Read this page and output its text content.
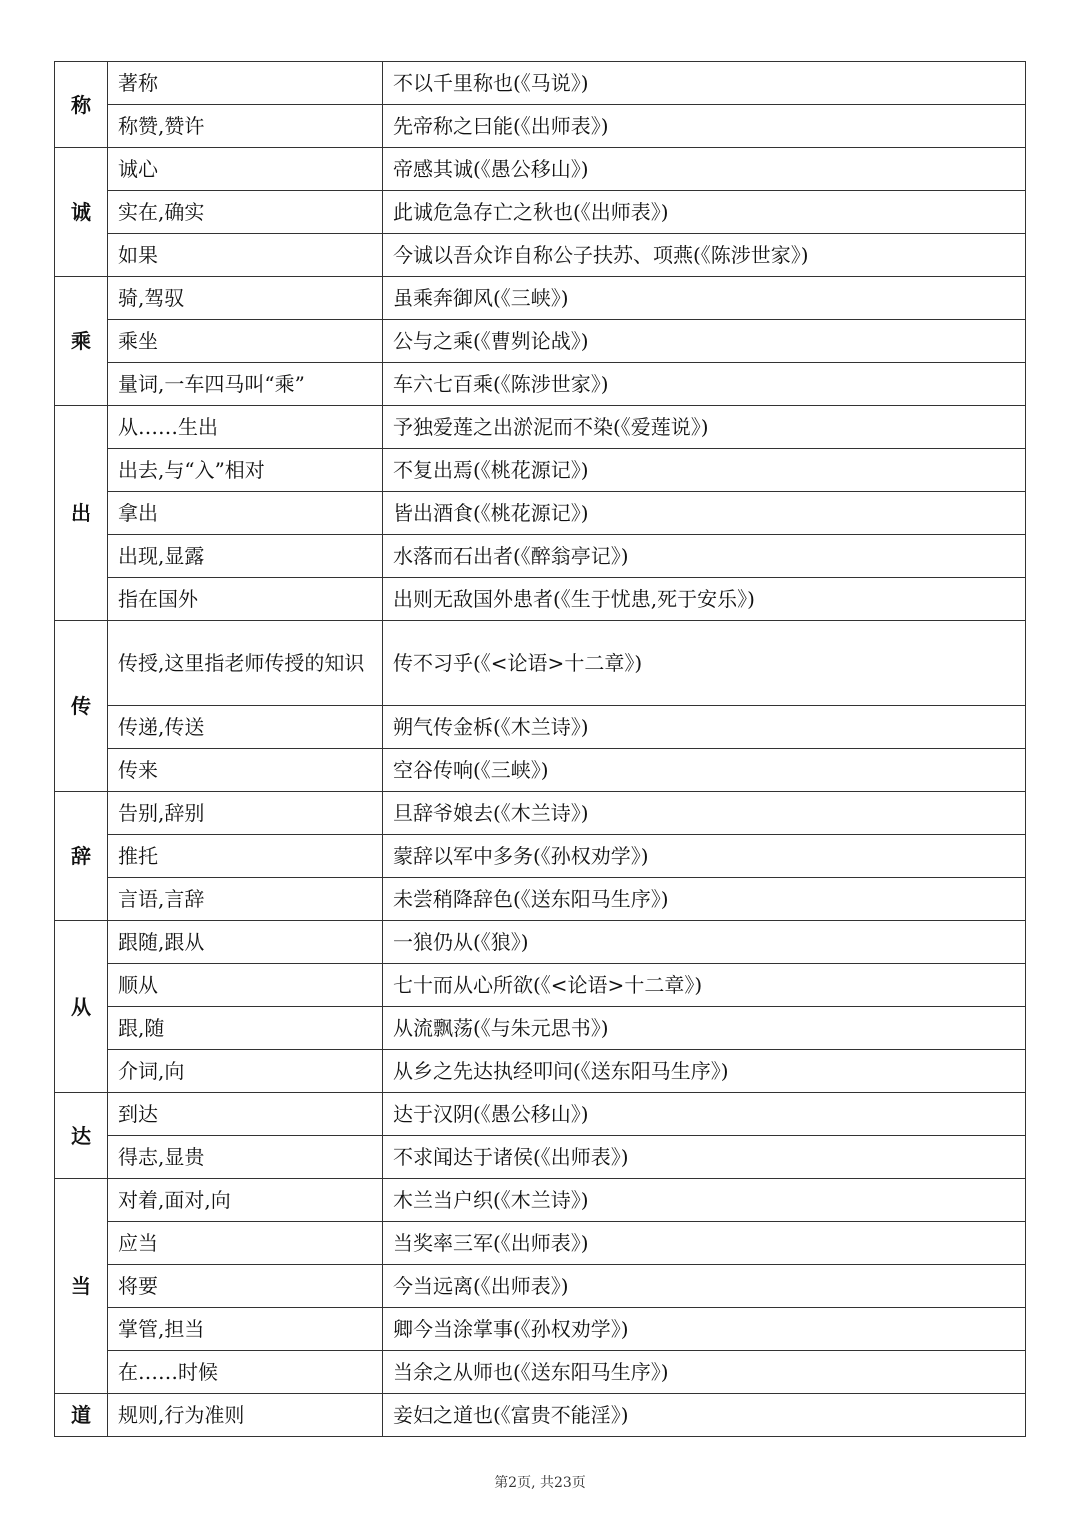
称	著称	不以千里称也(《马说》)
	称赞,赞许	先帝称之曰能(《出师表》)
诚	诚心	帝感其诚(《愚公移山》)
	实在,确实	此诚危急存亡之秋也(《出师表》)
	如果	今诚以吾众诈自称公子扶苏、项燕(《陈涉世家》)
乘	骑,驾驭	虽乘奔御风(《三峡》)
	乘坐	公与之乘(《曹刿论战》)
	量词,一车四马叫“乘”	车六七百乘(《陈涉世家》)
出	从……生出	予独爱莲之出淤泥而不染(《爱莲说》)
	出去,与“入”相对	不复出焉(《桃花源记》)
	拿出	皆出酒食(《桃花源记》)
	出现,显露	水落而石出者(《醉翁亭记》)
	指在国外	出则无敌国外患者(《生于忧患,死于安乐》)
传	传授,这里指老师传授的知识	传不习乎(《<论语>十二章》)
	传递,传送	朔气传金柝(《木兰诗》)
	传来	空谷传响(《三峡》)
辞	告别,辞别	旦辞爷娘去(《木兰诗》)
	推托	蒙辞以军中多务(《孙权劝学》)
	言语,言辞	未尝稍降辞色(《送东阳马生序》)
从	跟随,跟从	一狼仍从(《狼》)
	顺从	七十而从心所欲(《<论语>十二章》)
	跟,随	从流飘荡(《与朱元思书》)
	介词,向	从乡之先达执经叩问(《送东阳马生序》)
达	到达	达于汉阴(《愚公移山》)
	得志,显贵	不求闻达于诸侯(《出师表》)
当	对着,面对,向	木兰当户织(《木兰诗》)
	应当	当奖率三军(《出师表》)
	将要	今当远离(《出师表》)
	掌管,担当	卿今当涂掌事(《孙权劝学》)
	在……时候	当余之从师也(《送东阳马生序》)
道	规则,行为准则	妾妇之道也(《富贵不能淫》)
第2页, 共23页
